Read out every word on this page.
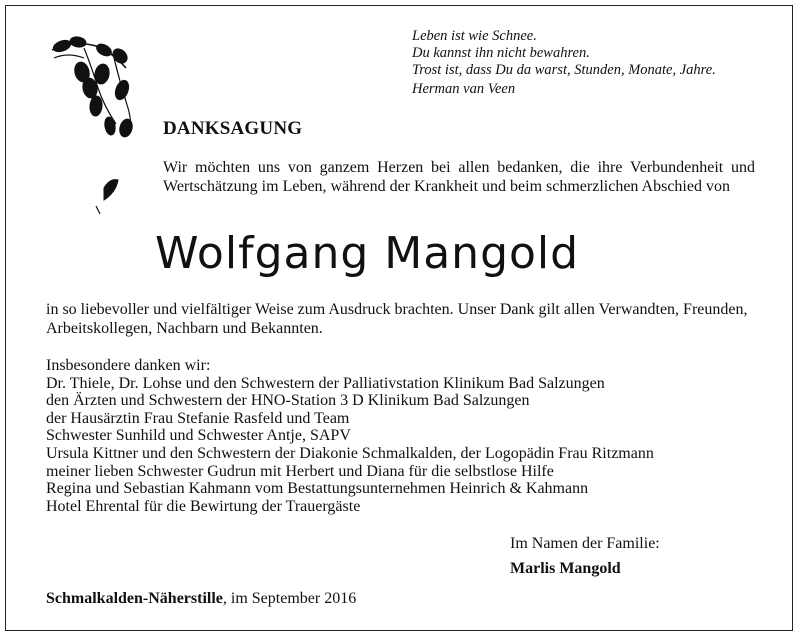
Leben ist wie Schnee.
Du kannst ihn nicht bewahren.
Trost ist, dass Du da warst, Stunden, Monate, Jahre.
Herman van Veen
DANKSAGUNG
Wir möchten uns von ganzem Herzen bei allen bedanken, die ihre Verbundenheit und Wertschätzung im Leben, während der Krankheit und beim schmerzlichen Abschied von
Wolfgang Mangold
in so liebevoller und vielfältiger Weise zum Ausdruck brachten. Unser Dank gilt allen Verwandten, Freunden, Arbeitskollegen, Nachbarn und Bekannten.
Insbesondere danken wir:
Dr. Thiele, Dr. Lohse und den Schwestern der Palliativstation Klinikum Bad Salzungen
den Ärzten und Schwestern der HNO-Station 3 D Klinikum Bad Salzungen
der Hausärztin Frau Stefanie Rasfeld und Team
Schwester Sunhild und Schwester Antje, SAPV
Ursula Kittner und den Schwestern der Diakonie Schmalkalden, der Logopädin Frau Ritzmann
meiner lieben Schwester Gudrun mit Herbert und Diana für die selbstlose Hilfe
Regina und Sebastian Kahmann vom Bestattungsunternehmen Heinrich & Kahmann
Hotel Ehrental für die Bewirtung der Trauergäste
Im Namen der Familie:
Marlis Mangold
Schmalkalden-Näherstille, im September 2016
